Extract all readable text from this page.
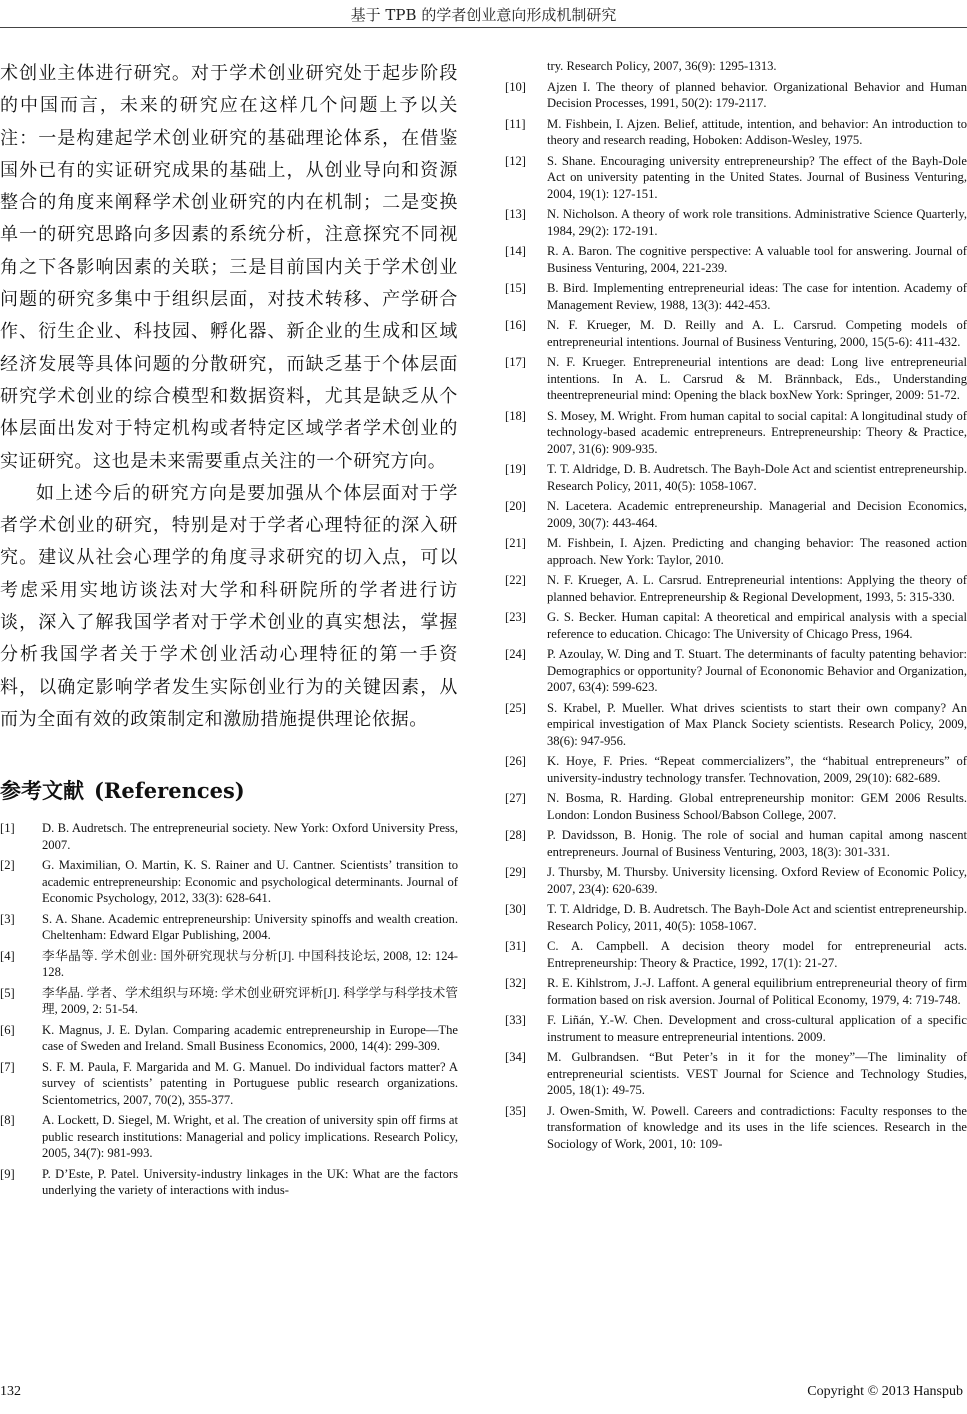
基于 TPB 的学者创业意向形成机制研究

术创业主体进行研究。对于学术创业研究处于起步阶段的中国而言，未来的研究应在这样几个问题上予以关注：一是构建起学术创业研究的基础理论体系，在借鉴国外已有的实证研究成果的基础上，从创业导向和资源整合的角度来阐释学术创业研究的内在机制；二是变换单一的研究思路向多因素的系统分析，注意探究不同视角之下各影响因素的关联；三是目前国内关于学术创业问题的研究多集中于组织层面，对技术转移、产学研合作、衍生企业、科技园、孵化器、新企业的生成和区域经济发展等具体问题的分散研究，而缺乏基于个体层面研究学术创业的综合模型和数据资料，尤其是缺乏从个体层面出发对于特定机构或者特定区域学者学术创业的实证研究。这也是未来需要重点关注的一个研究方向。

如上述今后的研究方向是要加强从个体层面对于学者学术创业的研究，特别是对于学者心理特征的深入研究。建议从社会心理学的角度寻求研究的切入点，可以考虑采用实地访谈法对大学和科研院所的学者进行访谈，深入了解我国学者对于学术创业的真实想法，掌握分析我国学者关于学术创业活动心理特征的第一手资料，以确定影响学者发生实际创业行为的关键因素，从而为全面有效的政策制定和激励措施提供理论依据。

参考文献 (References)
[1]	D. B. Audretsch. The entrepreneurial society. New York: Oxford University Press, 2007.
[2]	G. Maximilian, O. Martin, K. S. Rainer and U. Cantner. Scientists’ transition to academic entrepreneurship: Economic and psychological determinants. Journal of Economic Psychology, 2012, 33(3): 628-641.
[3]	S. A. Shane. Academic entrepreneurship: University spinoffs and wealth creation. Cheltenham: Edward Elgar Publishing, 2004.
[4]	李华晶等. 学术创业: 国外研究现状与分析[J]. 中国科技论坛, 2008, 12: 124-128.
[5]	李华晶. 学者、学术组织与环境: 学术创业研究评析[J]. 科学学与科学技术管理, 2009, 2: 51-54.
[6]	K. Magnus, J. E. Dylan. Comparing academic entrepreneurship in Europe—The case of Sweden and Ireland. Small Business Economics, 2000, 14(4): 299-309.
[7]	S. F. M. Paula, F. Margarida and M. G. Manuel. Do individual factors matter? A survey of scientists’ patenting in Portuguese public research organizations. Scientometrics, 2007, 70(2), 355-377.
[8]	A. Lockett, D. Siegel, M. Wright, et al. The creation of university spin off firms at public research institutions: Managerial and policy implications. Research Policy, 2005, 34(7): 981-993.
[9]	P. D’Este, P. Patel. University-industry linkages in the UK: What are the factors underlying the variety of interactions with indus-
try. Research Policy, 2007, 36(9): 1295-1313.
[10]	Ajzen I. The theory of planned behavior. Organizational Behavior and Human Decision Processes, 1991, 50(2): 179-2117.
[11]	M. Fishbein, I. Ajzen. Belief, attitude, intention, and behavior: An introduction to theory and research reading, Hoboken: Addison-Wesley, 1975.
[12]	S. Shane. Encouraging university entrepreneurship? The effect of the Bayh-Dole Act on university patenting in the United States. Journal of Business Venturing, 2004, 19(1): 127-151.
[13]	N. Nicholson. A theory of work role transitions. Administrative Science Quarterly, 1984, 29(2): 172-191.
[14]	R. A. Baron. The cognitive perspective: A valuable tool for answering. Journal of Business Venturing, 2004, 221-239.
[15]	B. Bird. Implementing entrepreneurial ideas: The case for intention. Academy of Management Review, 1988, 13(3): 442-453.
[16]	N. F. Krueger, M. D. Reilly and A. L. Carsrud. Competing models of entrepreneurial intentions. Journal of Business Venturing, 2000, 15(5-6): 411-432.
[17]	N. F. Krueger. Entrepreneurial intentions are dead: Long live entrepreneurial intentions. In A. L. Carsrud & M. Brännback, Eds., Understanding theentrepreneurial mind: Opening the black boxNew York: Springer, 2009: 51-72.
[18]	S. Mosey, M. Wright. From human capital to social capital: A longitudinal study of technology-based academic entrepreneurs. Entrepreneurship: Theory & Practice, 2007, 31(6): 909-935.
[19]	T. T. Aldridge, D. B. Audretsch. The Bayh-Dole Act and scientist entrepreneurship. Research Policy, 2011, 40(5): 1058-1067.
[20]	N. Lacetera. Academic entrepreneurship. Managerial and Decision Economics, 2009, 30(7): 443-464.
[21]	M. Fishbein, I. Ajzen. Predicting and changing behavior: The reasoned action approach. New York: Taylor, 2010.
[22]	N. F. Krueger, A. L. Carsrud. Entrepreneurial intentions: Applying the theory of planned behavior. Entrepreneurship & Regional Development, 1993, 5: 315-330.
[23]	G. S. Becker. Human capital: A theoretical and empirical analysis with a special reference to education. Chicago: The University of Chicago Press, 1964.
[24]	P. Azoulay, W. Ding and T. Stuart. The determinants of faculty patenting behavior: Demographics or opportunity? Journal of Econonomic Behavior and Organization, 2007, 63(4): 599-623.
[25]	S. Krabel, P. Mueller. What drives scientists to start their own company? An empirical investigation of Max Planck Society scientists. Research Policy, 2009, 38(6): 947-956.
[26]	K. Hoye, F. Pries. “Repeat commercializers”, the “habitual entrepreneurs” of university-industry technology transfer. Technovation, 2009, 29(10): 682-689.
[27]	N. Bosma, R. Harding. Global entrepreneurship monitor: GEM 2006 Results. London: London Business School/Babson College, 2007.
[28]	P. Davidsson, B. Honig. The role of social and human capital among nascent entrepreneurs. Journal of Business Venturing, 2003, 18(3): 301-331.
[29]	J. Thursby, M. Thursby. University licensing. Oxford Review of Economic Policy, 2007, 23(4): 620-639.
[30]	T. T. Aldridge, D. B. Audretsch. The Bayh-Dole Act and scientist entrepreneurship. Research Policy, 2011, 40(5): 1058-1067.
[31]	C. A. Campbell. A decision theory model for entrepreneurial acts. Entrepreneurship: Theory & Practice, 1992, 17(1): 21-27.
[32]	R. E. Kihlstrom, J.-J. Laffont. A general equilibrium entrepreneurial theory of firm formation based on risk aversion. Journal of Political Economy, 1979, 4: 719-748.
[33]	F. Liñán, Y.-W. Chen. Development and cross-cultural application of a specific instrument to measure entrepreneurial intentions. 2009.
[34]	M. Gulbrandsen. “But Peter’s in it for the money”—The liminality of entrepreneurial scientists. VEST Journal for Science and Technology Studies, 2005, 18(1): 49-75.
[35]	J. Owen-Smith, W. Powell. Careers and contradictions: Faculty responses to the transformation of knowledge and its uses in the life sciences. Research in the Sociology of Work, 2001, 10: 109-
132	Copyright © 2013 Hanspub
